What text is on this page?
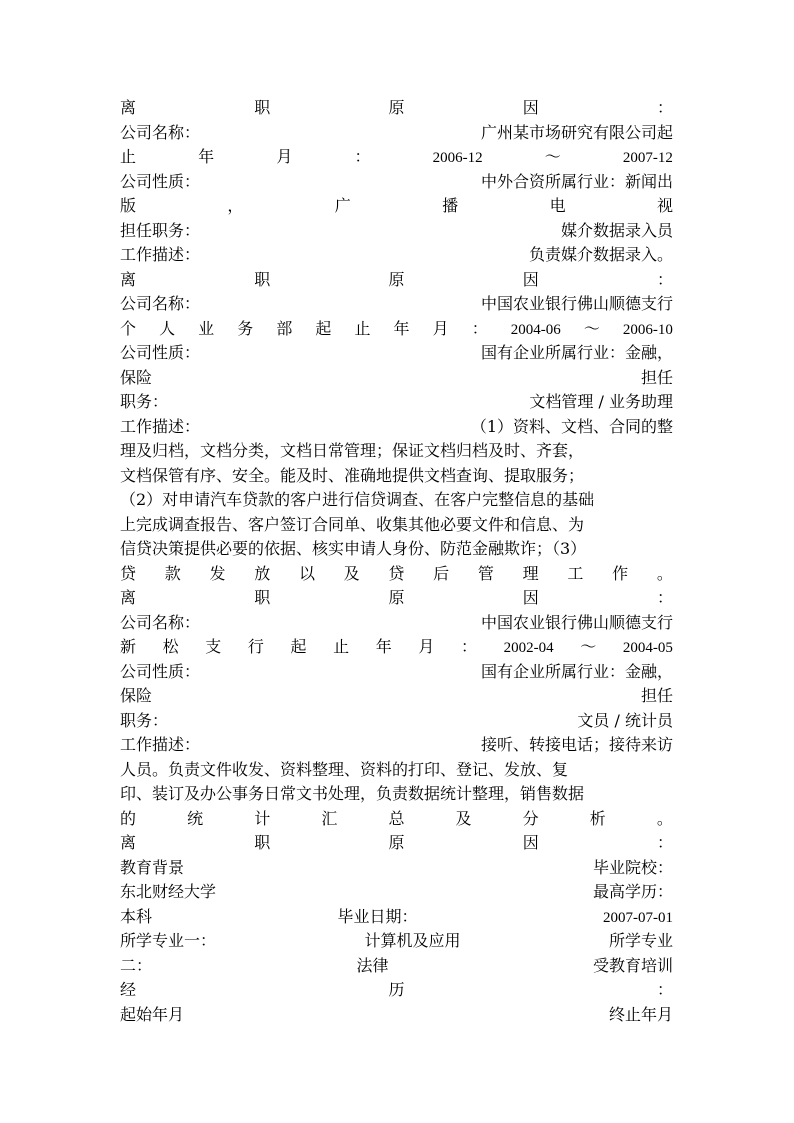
离	职	原	因	：
公司名称：	广州某市场研究有限公司起
止	年	月	：	2006-12	～	2007-12
公司性质：	中外合资所属行业：新闻出
版	，	广	播	电	视
担任职务：	媒介数据录入员
工作描述：	负责媒介数据录入。
离	职	原	因	：
公司名称：	中国农业银行佛山顺德支行
个 人 业 务 部 起 止 年 月 ： 2004-06 ～ 2006-10
公司性质：	国有企业所属行业：金融，
保险	担任
职务：	文档管理 / 业务助理
工作描述：	（1）资料、文档、合同的整
理及归档，文档分类，文档日常管理；保证文档归档及时、齐套，
文档保管有序、安全。能及时、准确地提供文档查询、提取服务；
（2）对申请汽车贷款的客户进行信贷调查、在客户完整信息的基础
上完成调查报告、客户签订合同单、收集其他必要文件和信息、为
信贷决策提供必要的依据、核实申请人身份、防范金融欺诈；（3）
贷 款 发 放 以 及 贷 后 管 理 工 作 。
离	职	原	因	：
公司名称：	中国农业银行佛山顺德支行
新 松 支 行 起 止 年 月 ： 2002-04 ～ 2004-05
公司性质：	国有企业所属行业：金融，
保险	担任
职务：	文员 / 统计员
工作描述：	接听、转接电话；接待来访
人员。负责文件收发、资料整理、资料的打印、登记、发放、复
印、装订及办公事务日常文书处理，负责数据统计整理，销售数据
的	统	计	汇	总	及	分	析	。
离	职	原	因	：
教育背景	毕业院校：
东北财经大学	最高学历：
本科	毕业日期：	2007-07-01
所学专业一：	计算机及应用	所学专业
二：	法律	受教育培训
经	历	：
起始年月	终止年月
